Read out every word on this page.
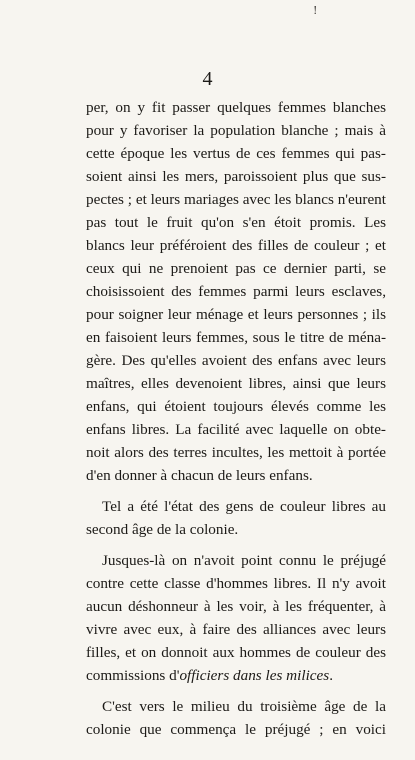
!
4
per, on y fit passer quelques femmes blanches
pour y favoriser la population blanche ; mais à
cette époque les vertus de ces femmes qui pas-
soient ainsi les mers, paroissoient plus que sus-
pectes ; et leurs mariages avec les blancs n'eurent
pas tout le fruit qu'on s'en étoit promis. Les
blancs leur préféroient des filles de couleur ; et
ceux qui ne prenoient pas ce dernier parti, se
choisissoient des femmes parmi leurs esclaves,
pour soigner leur ménage et leurs personnes ; ils
en faisoient leurs femmes, sous le titre de ména-
gère. Des qu'elles avoient des enfans avec leurs
maîtres, elles devenoient libres, ainsi que leurs
enfans, qui étoient toujours élevés comme les
enfans libres. La facilité avec laquelle on obte-
noit alors des terres incultes, les mettoit à portée
d'en donner à chacun de leurs enfans.
Tel a été l'état des gens de couleur libres au
second âge de la colonie.
Jusques-là on n'avoit point connu le préjugé
contre cette classe d'hommes libres. Il n'y avoit
aucun déshonneur à les voir, à les fréquenter, à
vivre avec eux, à faire des alliances avec leurs
filles, et on donnoit aux hommes de couleur des
commissions d'officiers dans les milices.
C'est vers le milieu du troisième âge de la
colonie que commença le préjugé ; en voici
